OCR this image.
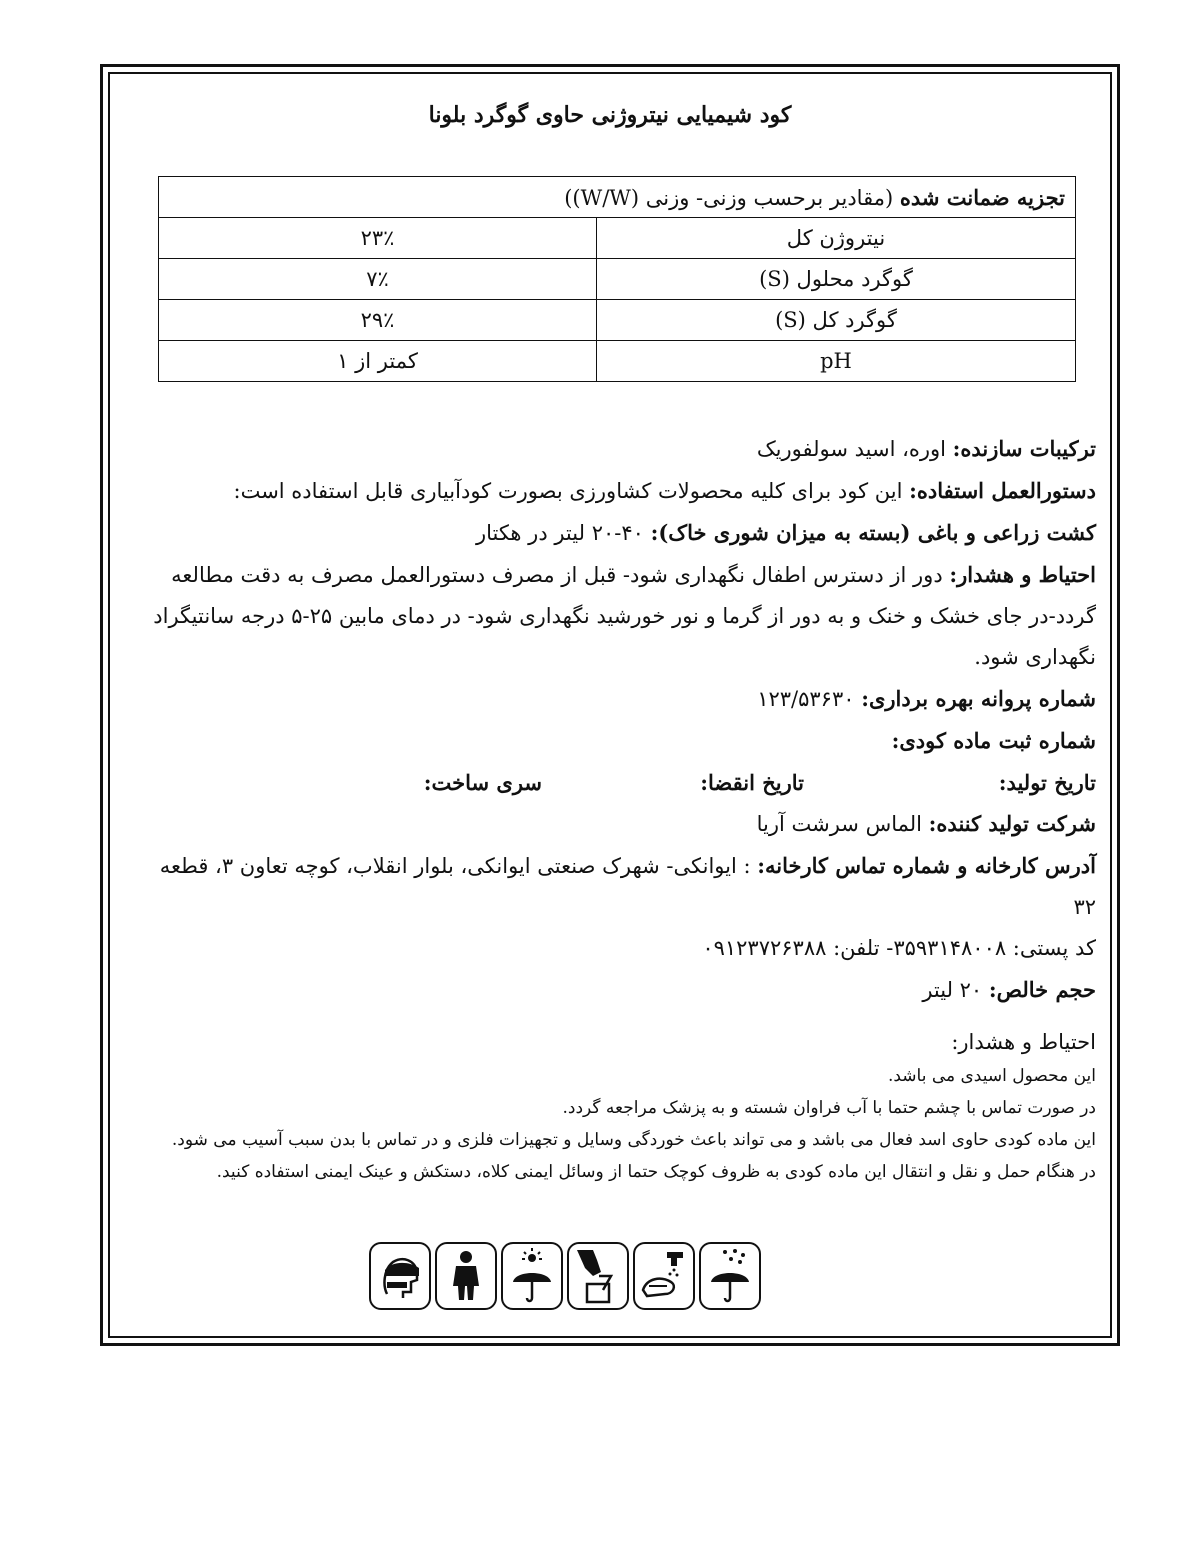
کود شیمیایی نیتروژنی حاوی گوگرد بلونا
تجزیه ضمانت شده (مقادیر برحسب وزنی- وزنی (W/W))	
نیتروژن کل	۲۳٪
گوگرد محلول (S)	۷٪
گوگرد کل (S)	۲۹٪
pH	کمتر از ۱

ترکیبات سازنده: اوره، اسید سولفوریک

دستورالعمل استفاده: این کود برای کلیه محصولات کشاورزی بصورت کودآبیاری قابل استفاده است:

کشت زراعی و باغی (بسته به میزان شوری خاک): ۴۰-۲۰ لیتر در هکتار

احتیاط و هشدار: دور از دسترس اطفال نگهداری شود- قبل از مصرف دستورالعمل مصرف به دقت مطالعه گردد-در جای خشک و خنک و به دور از گرما و نور خورشید نگهداری شود- در دمای مابین ۲۵-۵ درجه سانتیگراد نگهداری شود.

شماره پروانه بهره برداری: ۱۲۳/۵۳۶۳۰

شماره ثبت ماده کودی:

تاریخ تولید:
تاریخ انقضا:
سری ساخت:

شرکت تولید کننده: الماس سرشت آریا

آدرس کارخانه و شماره تماس کارخانه: : ایوانکی- شهرک صنعتی ایوانکی، بلوار انقلاب، کوچه تعاون ۳، قطعه ۳۲

کد پستی: ۳۵۹۳۱۴۸۰۰۸- تلفن: ۰۹۱۲۳۷۲۶۳۸۸

حجم خالص: ۲۰ لیتر

احتیاط و هشدار:

این محصول اسیدی می باشد.

در صورت تماس با چشم حتما با آب فراوان شسته و به پزشک مراجعه گردد.

این ماده کودی حاوی اسد فعال می باشد و می تواند باعث خوردگی وسایل و تجهیزات فلزی و در تماس با بدن سبب آسیب می شود.

در هنگام حمل و نقل و انتقال این ماده کودی به ظروف کوچک حتما از وسائل ایمنی کلاه، دستکش و عینک ایمنی استفاده کنید.
